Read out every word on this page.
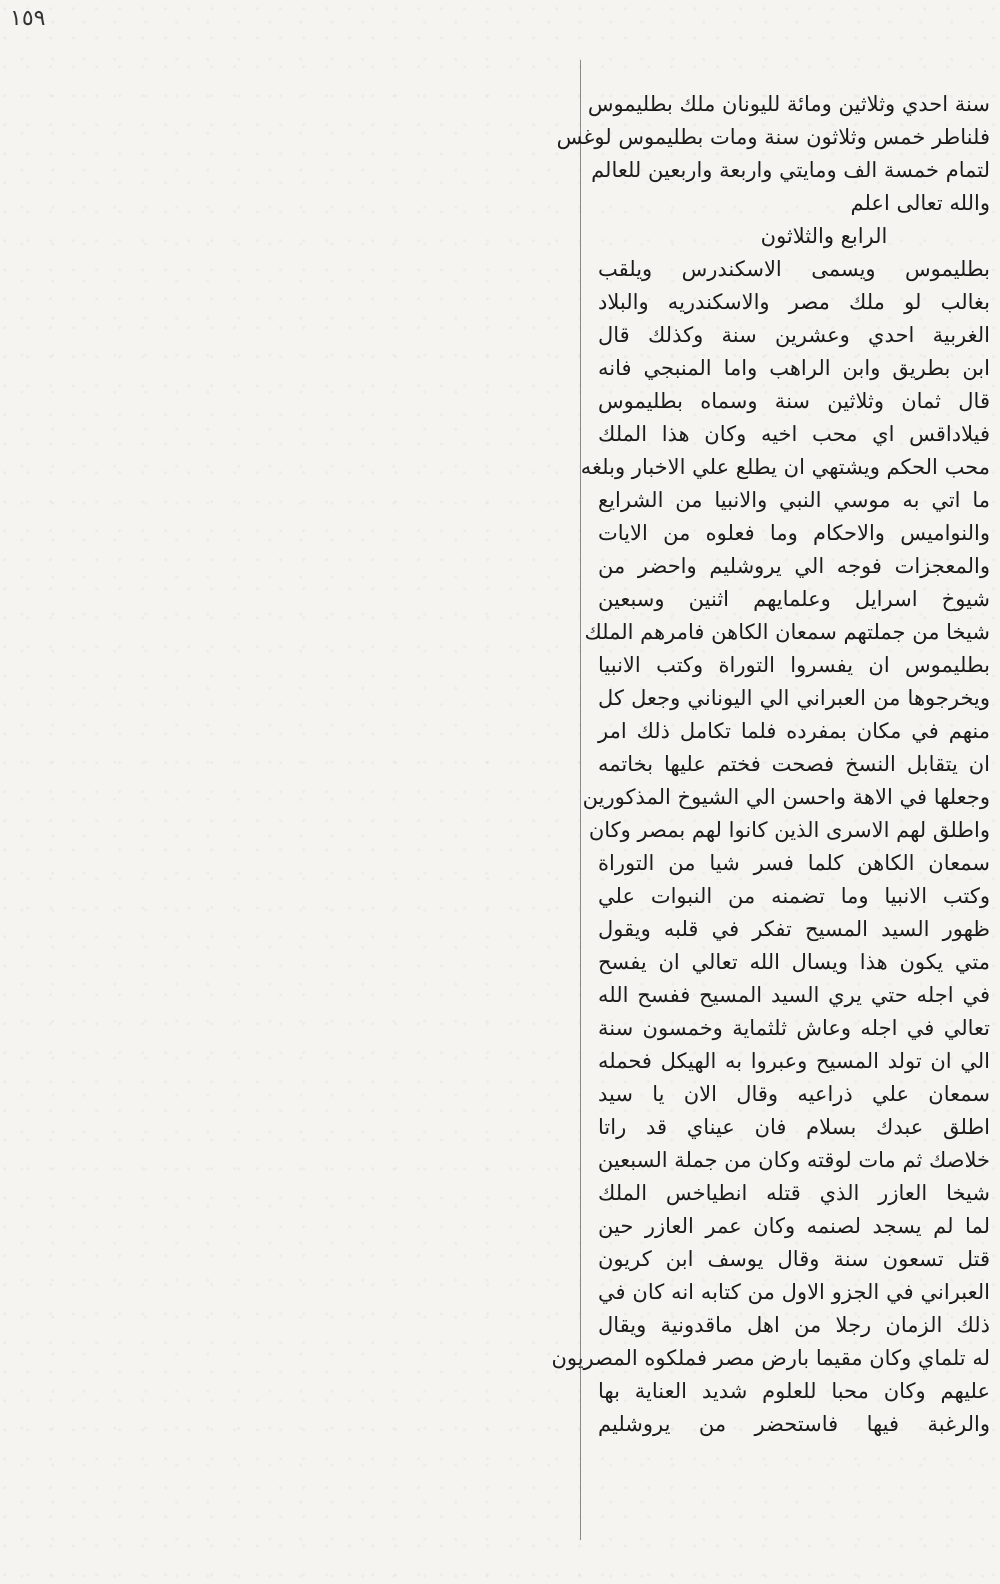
١٥٩
سنة احدي وثلاثين ومائة لليونان ملك بطليموس
فلناطر خمس وثلاثون سنة ومات بطليموس لوغس
لتمام خمسة الف ومايتي واربعة واربعين للعالم
والله تعالى اعلم
الرابع والثلاثون
بطليموس ويسمى الاسكندرس ويلقب
بغالب لو ملك مصر والاسكندريه والبلاد
الغربية احدي وعشرين سنة وكذلك قال
ابن بطريق وابن الراهب واما المنبجي فانه
قال ثمان وثلاثين سنة وسماه بطليموس
فيلاداقس اي محب اخيه وكان هذا الملك
محب الحكم ويشتهي ان يطلع علي الاخبار وبلغه
ما اتي به موسي النبي والانبيا من الشرايع
والنواميس والاحكام وما فعلوه من الايات
والمعجزات فوجه الي يروشليم واحضر من
شيوخ اسرايل وعلمايهم اثنين وسبعين
شيخا من جملتهم سمعان الكاهن فامرهم الملك
بطليموس ان يفسروا التوراة وكتب الانبيا
ويخرجوها من العبراني الي اليوناني وجعل كل
منهم في مكان بمفرده فلما تكامل ذلك امر
ان يتقابل النسخ فصحت فختم عليها بخاتمه
وجعلها في الاهة واحسن الي الشيوخ المذكورين
واطلق لهم الاسرى الذين كانوا لهم بمصر وكان
سمعان الكاهن كلما فسر شيا من التوراة
وكتب الانبيا وما تضمنه من النبوات علي
ظهور السيد المسيح تفكر في قلبه ويقول
متي يكون هذا ويسال الله تعالي ان يفسح
في اجله حتي يري السيد المسيح ففسح الله
تعالي في اجله وعاش ثلثماية وخمسون سنة
الي ان تولد المسيح وعبروا به الهيكل فحمله
سمعان علي ذراعيه وقال الان يا سيد
اطلق عبدك بسلام فان عيناي قد راتا
خلاصك ثم مات لوقته وكان من جملة السبعين
شيخا العازر الذي قتله انطياخس الملك
لما لم يسجد لصنمه وكان عمر العازر حين
قتل تسعون سنة وقال يوسف ابن كريون
العبراني في الجزو الاول من كتابه انه كان في
ذلك الزمان رجلا من اهل ماقدونية ويقال
له تلماي وكان مقيما بارض مصر فملكوه المصريون
عليهم وكان محبا للعلوم شديد العناية بها
والرغبة فيها فاستحضر من يروشليم
